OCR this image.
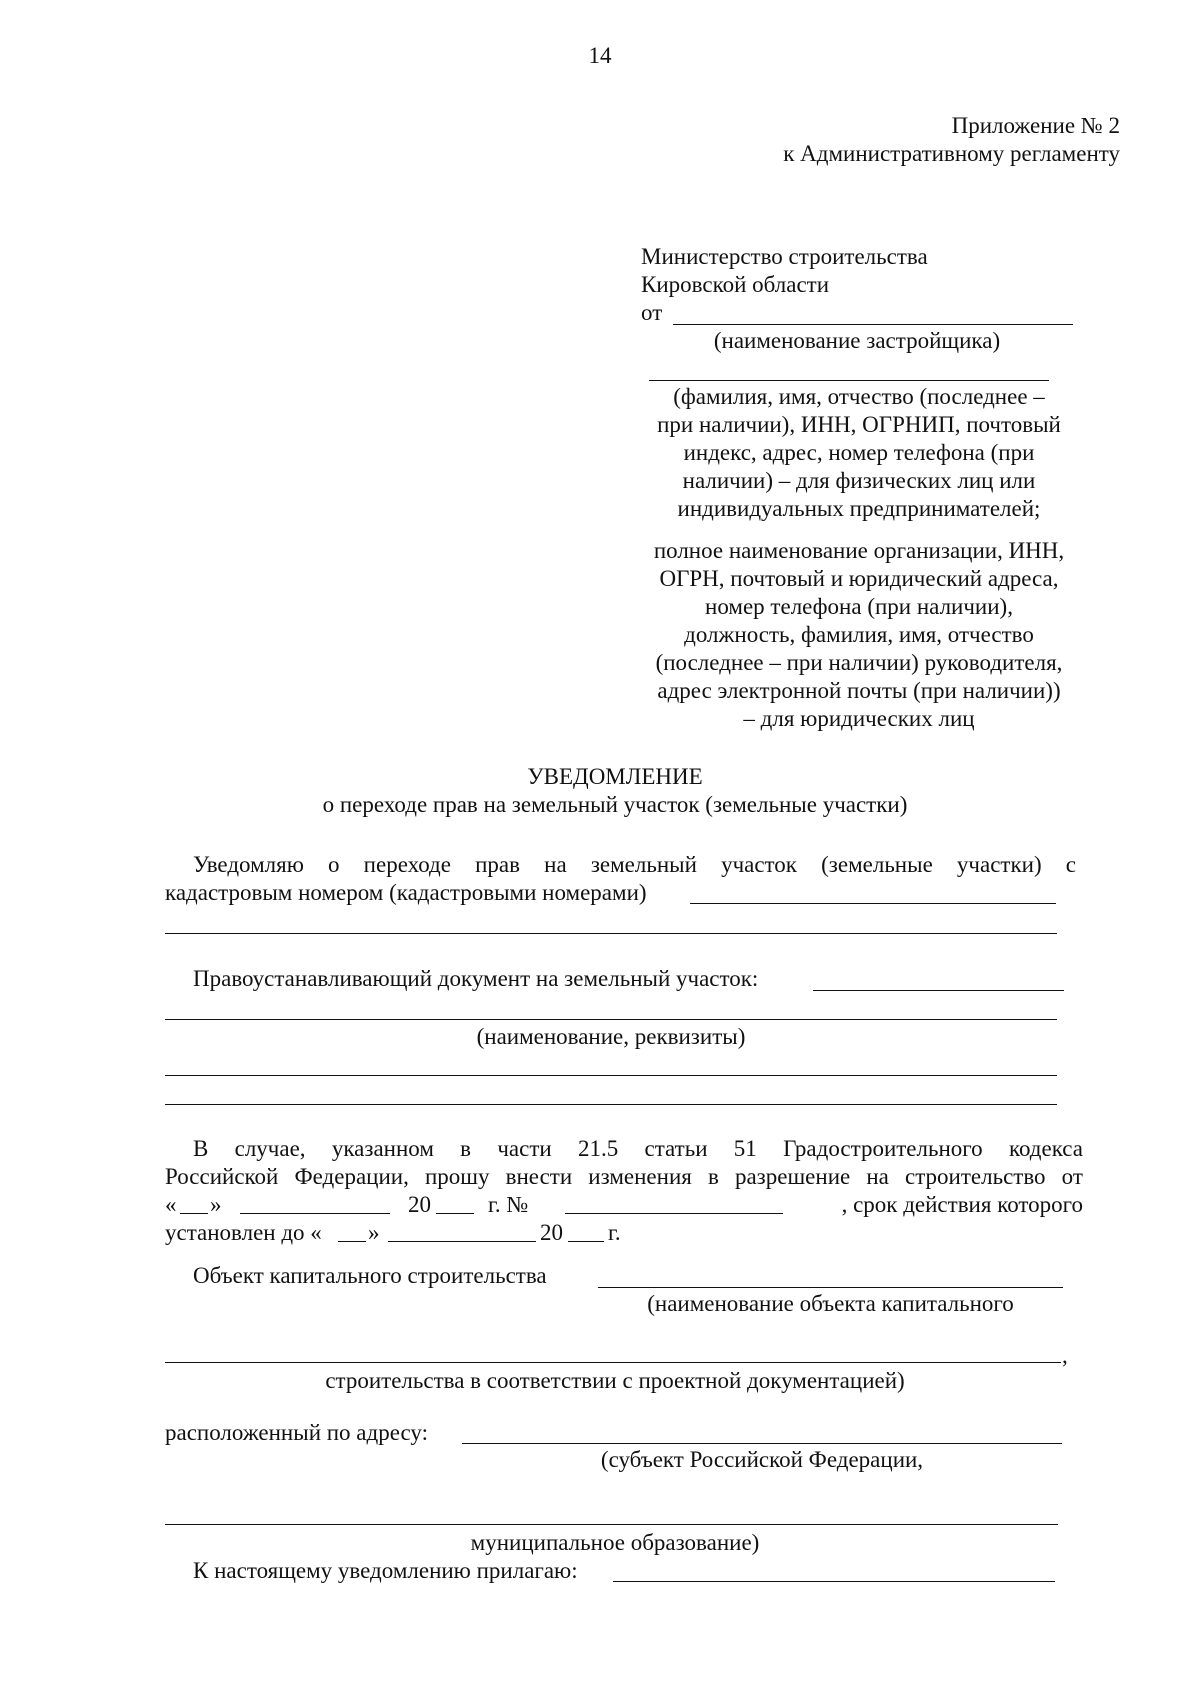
14
Приложение № 2
к Административному регламенту
Министерство строительства
Кировской области
от
(наименование застройщика)
(фамилия, имя, отчество (последнее –
при наличии), ИНН, ОГРНИП, почтовый
индекс, адрес, номер телефона (при
наличии) – для физических лиц или
индивидуальных предпринимателей;
полное наименование организации, ИНН,
ОГРН, почтовый и юридический адреса,
номер телефона (при наличии),
должность, фамилия, имя, отчество
(последнее – при наличии) руководителя,
адрес электронной почты (при наличии))
– для юридических лиц
УВЕДОМЛЕНИЕ
о переходе прав на земельный участок (земельные участки)
Уведомляю о переходе прав на земельный участок (земельные участки) с
кадастровым номером (кадастровыми номерами)
Правоустанавливающий документ на земельный участок:
(наименование, реквизиты)
В случае, указанном в части 21.5 статьи 51 Градостроительного кодекса
Российской Федерации, прошу внести изменения в разрешение на строительство от
« »	20 г. №	, срок действия которого
установлен до « »	20 г.
Объект капитального строительства
(наименование объекта капитального
,
строительства в соответствии с проектной документацией)
расположенный по адресу:
(субъект Российской Федерации,
муниципальное образование)
К настоящему уведомлению прилагаю:
